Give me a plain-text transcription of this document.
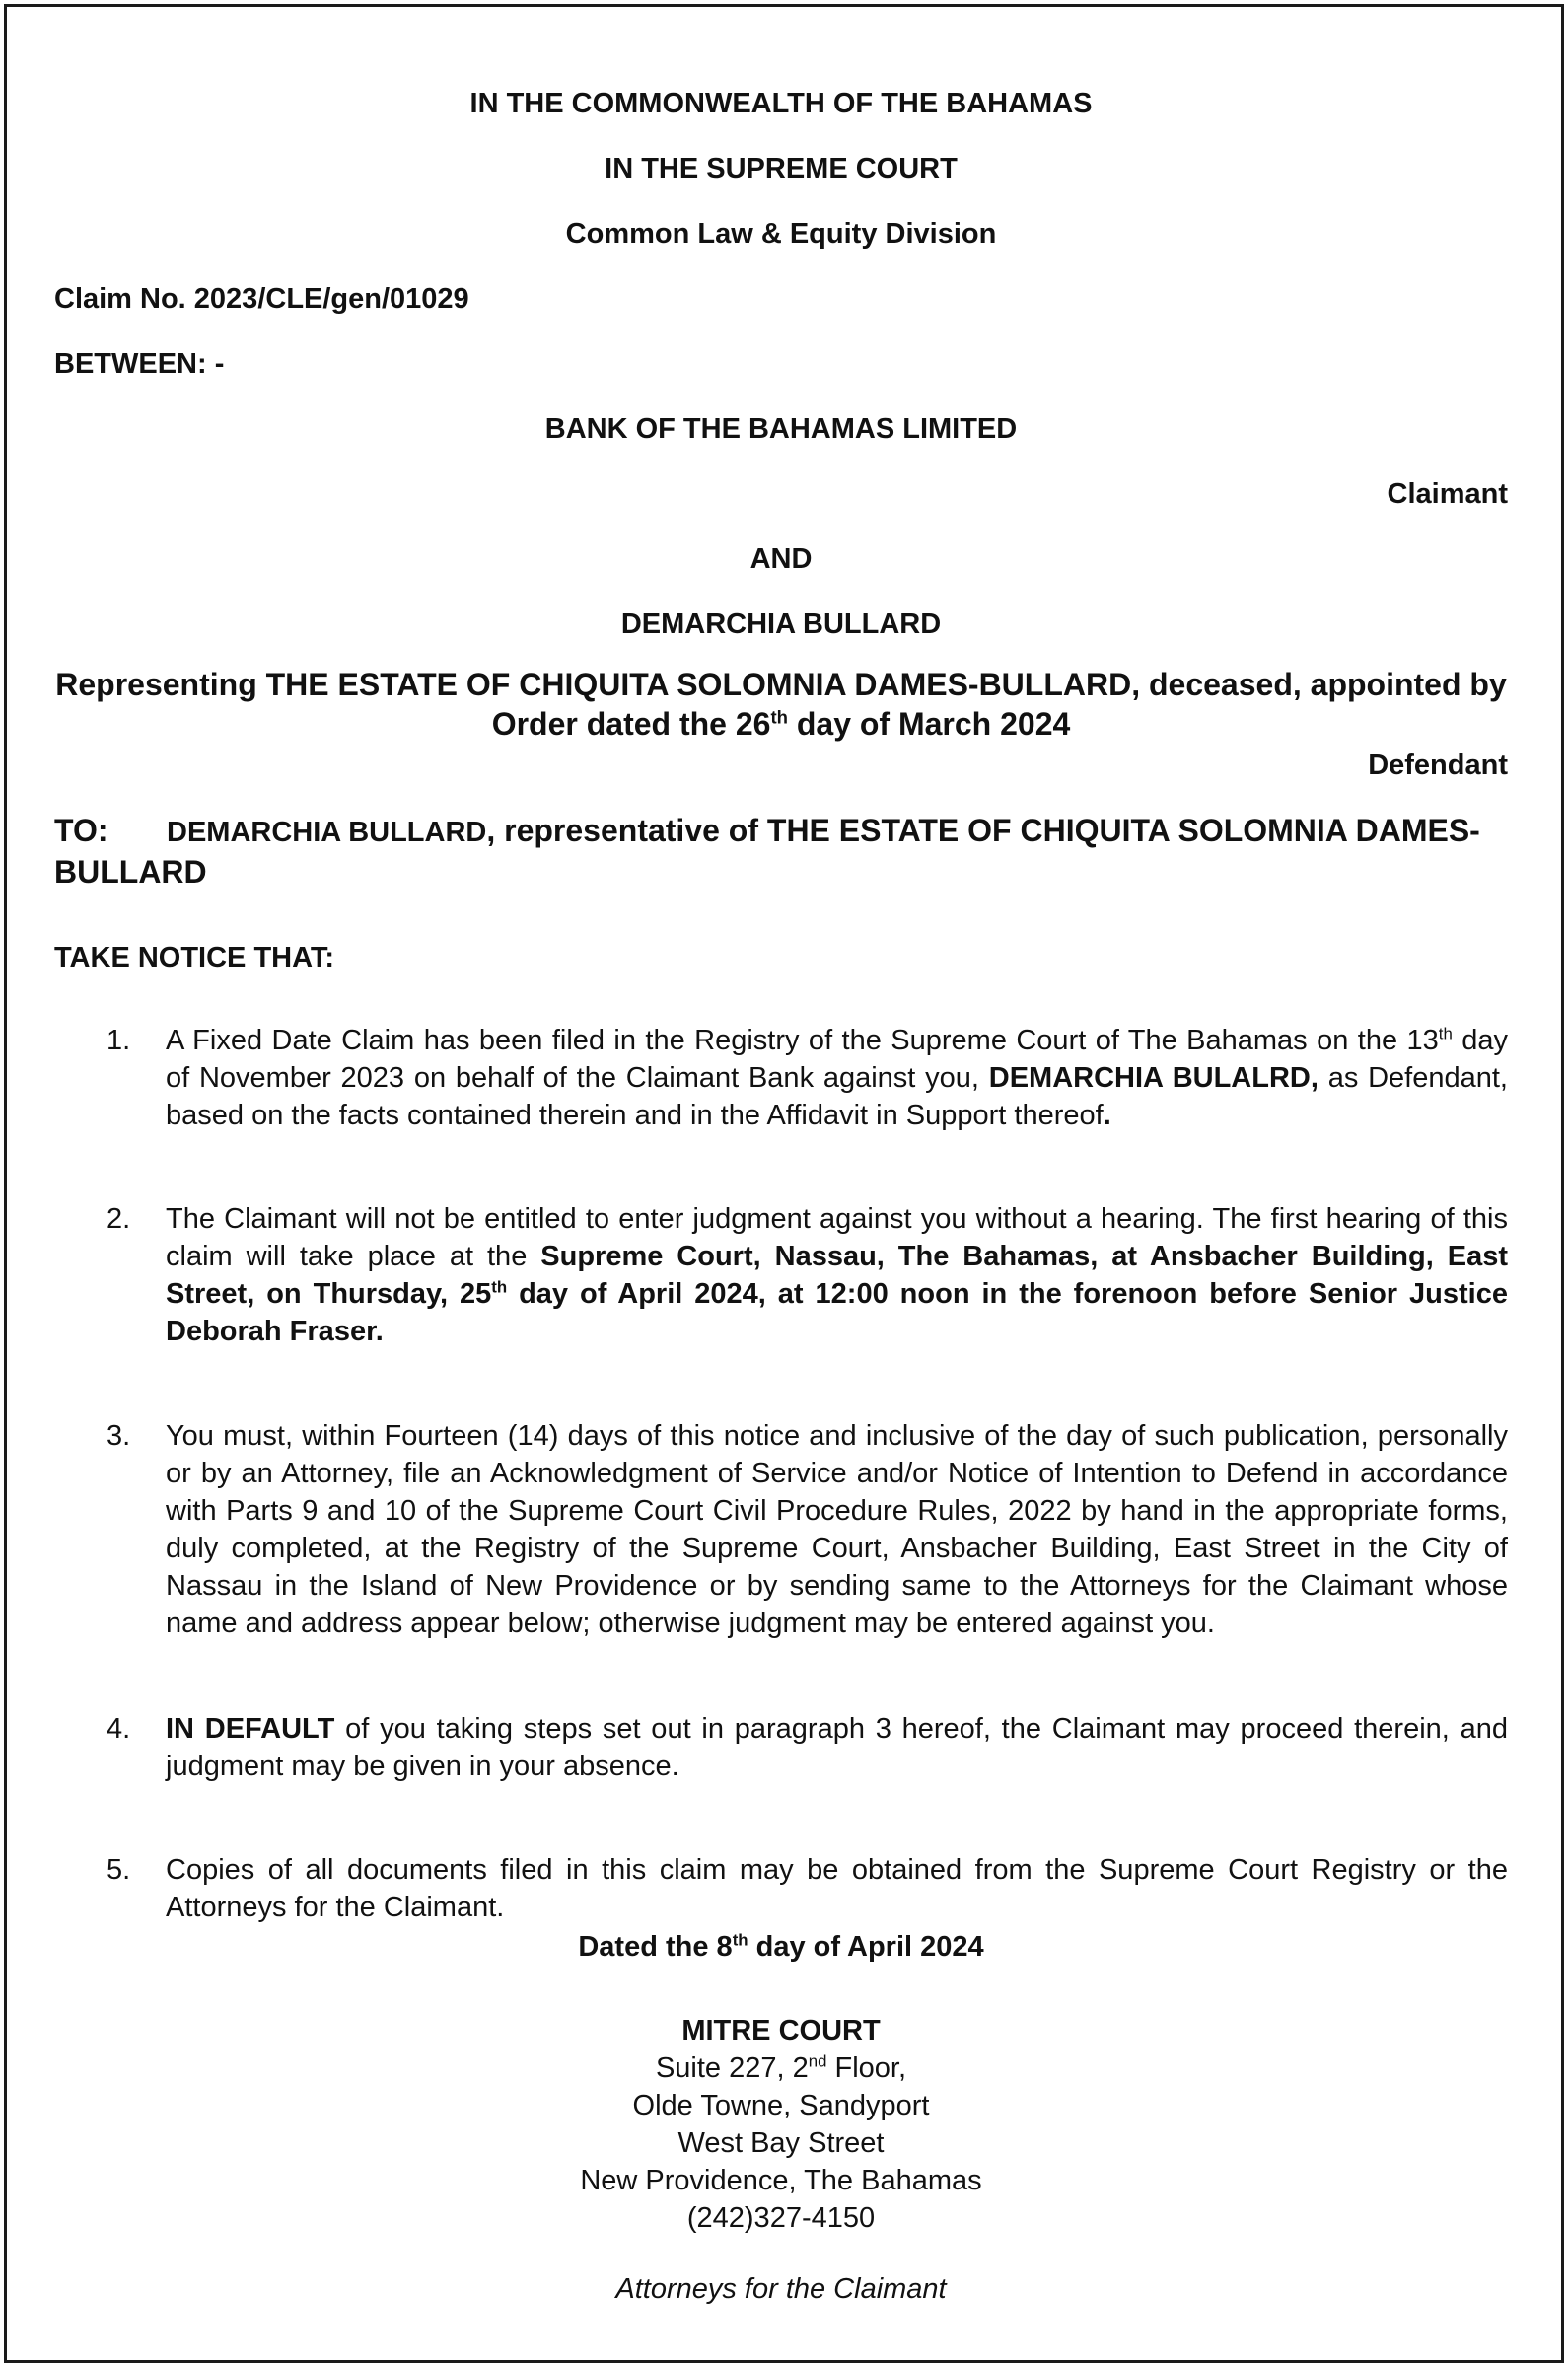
IN THE COMMONWEALTH OF THE BAHAMAS
IN THE SUPREME COURT
Common Law & Equity Division
Claim No. 2023/CLE/gen/01029
BETWEEN: -
BANK OF THE BAHAMAS LIMITED
Claimant
AND
DEMARCHIA BULLARD
Representing THE ESTATE OF CHIQUITA SOLOMNIA DAMES-BULLARD, deceased, appointed by
Order dated the 26th day of March 2024
Defendant
TO: DEMARCHIA BULLARD, representative of THE ESTATE OF CHIQUITA SOLOMNIA DAMES-
BULLARD
TAKE NOTICE THAT:
1. A Fixed Date Claim has been filed in the Registry of the Supreme Court of The Bahamas on the 13th day of November 2023 on behalf of the Claimant Bank against you, DEMARCHIA BULALRD, as Defendant, based on the facts contained therein and in the Affidavit in Support thereof.
2. The Claimant will not be entitled to enter judgment against you without a hearing. The first hearing of this claim will take place at the Supreme Court, Nassau, The Bahamas, at Ansbacher Building, East Street, on Thursday, 25th day of April 2024, at 12:00 noon in the forenoon before Senior Justice Deborah Fraser.
3. You must, within Fourteen (14) days of this notice and inclusive of the day of such publication, personally or by an Attorney, file an Acknowledgment of Service and/or Notice of Intention to Defend in accordance with Parts 9 and 10 of the Supreme Court Civil Procedure Rules, 2022 by hand in the appropriate forms, duly completed, at the Registry of the Supreme Court, Ansbacher Building, East Street in the City of Nassau in the Island of New Providence or by sending same to the Attorneys for the Claimant whose name and address appear below; otherwise judgment may be entered against you.
4. IN DEFAULT of you taking steps set out in paragraph 3 hereof, the Claimant may proceed therein, and judgment may be given in your absence.
5. Copies of all documents filed in this claim may be obtained from the Supreme Court Registry or the Attorneys for the Claimant.
Dated the 8th day of April 2024
MITRE COURT
Suite 227, 2nd Floor,
Olde Towne, Sandyport
West Bay Street
New Providence, The Bahamas
(242)327-4150
Attorneys for the Claimant
